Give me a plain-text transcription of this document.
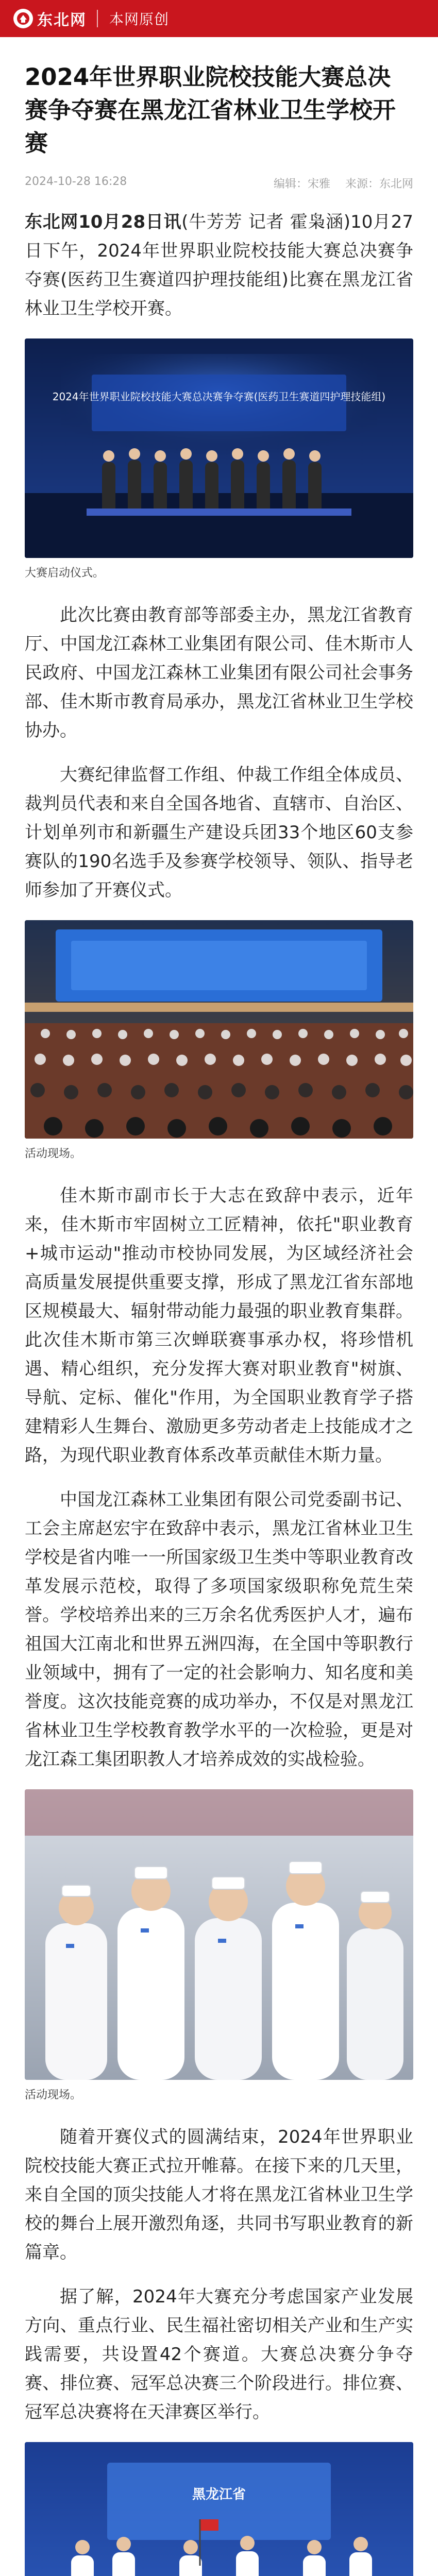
东北网 本网原创
2024年世界职业院校技能大赛总决赛争夺赛在黑龙江省林业卫生学校开赛
2024-10-28 16:28	编辑：宋雅 来源：东北网

东北网10月28日讯(牛芳芳 记者 霍枭涵)10月27日下午，2024年世界职业院校技能大赛总决赛争夺赛(医药卫生赛道四护理技能组)比赛在黑龙江省林业卫生学校开赛。

2024年世界职业院校技能大赛总决赛争夺赛(医药卫生赛道四护理技能组)
大赛启动仪式。

此次比赛由教育部等部委主办，黑龙江省教育厅、中国龙江森林工业集团有限公司、佳木斯市人民政府、中国龙江森林工业集团有限公司社会事务部、佳木斯市教育局承办，黑龙江省林业卫生学校协办。

大赛纪律监督工作组、仲裁工作组全体成员、裁判员代表和来自全国各地省、直辖市、自治区、计划单列市和新疆生产建设兵团33个地区60支参赛队的190名选手及参赛学校领导、领队、指导老师参加了开赛仪式。

活动现场。

佳木斯市副市长于大志在致辞中表示，近年来，佳木斯市牢固树立工匠精神，依托"职业教育+城市运动"推动市校协同发展，为区域经济社会高质量发展提供重要支撑，形成了黑龙江省东部地区规模最大、辐射带动能力最强的职业教育集群。此次佳木斯市第三次蝉联赛事承办权，将珍惜机遇、精心组织，充分发挥大赛对职业教育"树旗、导航、定标、催化"作用，为全国职业教育学子搭建精彩人生舞台、激励更多劳动者走上技能成才之路，为现代职业教育体系改革贡献佳木斯力量。

中国龙江森林工业集团有限公司党委副书记、工会主席赵宏宇在致辞中表示，黑龙江省林业卫生学校是省内唯一一所国家级卫生类中等职业教育改革发展示范校，取得了多项国家级职称免荒生荣誉。学校培养出来的三万余名优秀医护人才，遍布祖国大江南北和世界五洲四海，在全国中等职教行业领域中，拥有了一定的社会影响力、知名度和美誉度。这次技能竞赛的成功举办，不仅是对黑龙江省林业卫生学校教育教学水平的一次检验，更是对龙江森工集团职教人才培养成效的实战检验。

活动现场。

随着开赛仪式的圆满结束，2024年世界职业院校技能大赛正式拉开帷幕。在接下来的几天里，来自全国的顶尖技能人才将在黑龙江省林业卫生学校的舞台上展开激烈角逐，共同书写职业教育的新篇章。

据了解，2024年大赛充分考虑国家产业发展方向、重点行业、民生福社密切相关产业和生产实践需要，共设置42个赛道。大赛总决赛分争夺赛、排位赛、冠军总决赛三个阶段进行。排位赛、冠军总决赛将在天津赛区举行。

黑龙江省
